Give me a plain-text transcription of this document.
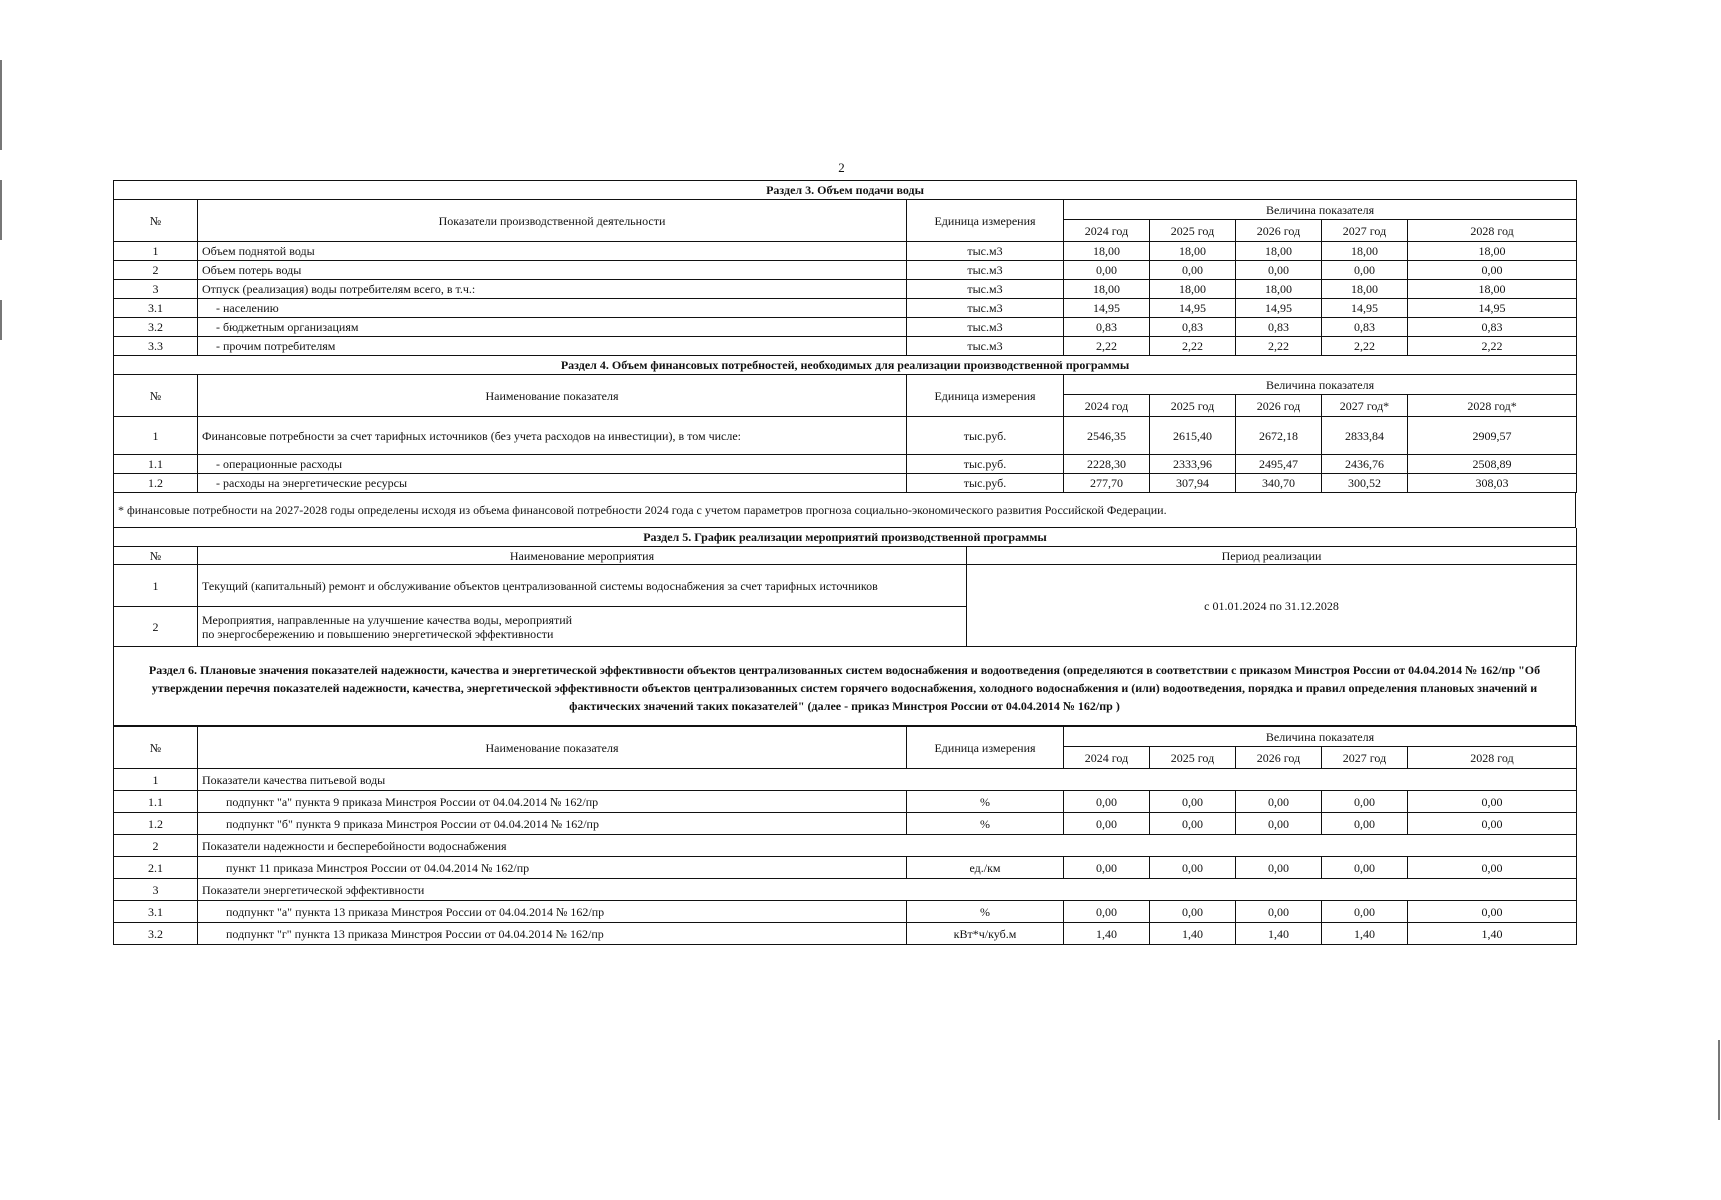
2
Раздел 3. Объем подачи воды							
№	Показатели производственной деятельности	Единица измерения	Величина показателя				
			2024 год	2025 год	2026 год	2027 год	2028 год
1	Объем поднятой воды	тыс.м3	18,00	18,00	18,00	18,00	18,00
2	Объем потерь воды	тыс.м3	0,00	0,00	0,00	0,00	0,00
3	Отпуск (реализация) воды потребителям всего, в т.ч.:	тыс.м3	18,00	18,00	18,00	18,00	18,00
3.1	- населению	тыс.м3	14,95	14,95	14,95	14,95	14,95
3.2	- бюджетным организациям	тыс.м3	0,83	0,83	0,83	0,83	0,83
3.3	- прочим потребителям	тыс.м3	2,22	2,22	2,22	2,22	2,22
Раздел 4. Объем финансовых потребностей, необходимых для реализации производственной программы							
№	Наименование показателя	Единица измерения	Величина показателя				
			2024 год	2025 год	2026 год	2027 год*	2028 год*
1	Финансовые потребности за счет тарифных источников (без учета расходов на инвестиции), в том числе:	тыс.руб.	2546,35	2615,40	2672,18	2833,84	2909,57
1.1	- операционные расходы	тыс.руб.	2228,30	2333,96	2495,47	2436,76	2508,89
1.2	- расходы на энергетические ресурсы	тыс.руб.	277,70	307,94	340,70	300,52	308,03
* финансовые потребности на 2027-2028 годы определены исходя из объема финансовой потребности 2024 года с учетом параметров прогноза социально-экономического развития Российской Федерации.
Раздел 5. График реализации мероприятий производственной программы		
№	Наименование мероприятия	Период реализации
1	Текущий (капитальный) ремонт и обслуживание объектов централизованной системы водоснабжения за счет тарифных источников	с 01.01.2024 по 31.12.2028
2	Мероприятия, направленные на улучшение качества воды, мероприятий
по энергосбережению и повышению энергетической эффективности	
Раздел 6. Плановые значения показателей надежности, качества и энергетической эффективности объектов централизованных систем водоснабжения и водоотведения (определяются в соответствии с приказом Минстроя России от 04.04.2014 № 162/пр "Об утверждении перечня показателей надежности, качества, энергетической эффективности объектов централизованных систем горячего водоснабжения, холодного водоснабжения и (или) водоотведения, порядка и правил определения плановых значений и фактических значений таких показателей" (далее - приказ Минстроя России от 04.04.2014 № 162/пр )
№	Наименование показателя	Единица измерения	Величина показателя				
			2024 год	2025 год	2026 год	2027 год	2028 год
1	Показатели качества питьевой воды						
1.1	подпункт "а" пункта 9 приказа Минстроя России от 04.04.2014 № 162/пр	%	0,00	0,00	0,00	0,00	0,00
1.2	подпункт "б" пункта 9 приказа Минстроя России от 04.04.2014 № 162/пр	%	0,00	0,00	0,00	0,00	0,00
2	Показатели надежности и бесперебойности водоснабжения						
2.1	пункт 11 приказа Минстроя России от 04.04.2014 № 162/пр	ед./км	0,00	0,00	0,00	0,00	0,00
3	Показатели энергетической эффективности						
3.1	подпункт "а" пункта 13 приказа Минстроя России от 04.04.2014 № 162/пр	%	0,00	0,00	0,00	0,00	0,00
3.2	подпункт "г" пункта 13 приказа Минстроя России от 04.04.2014 № 162/пр	кВт*ч/куб.м	1,40	1,40	1,40	1,40	1,40
